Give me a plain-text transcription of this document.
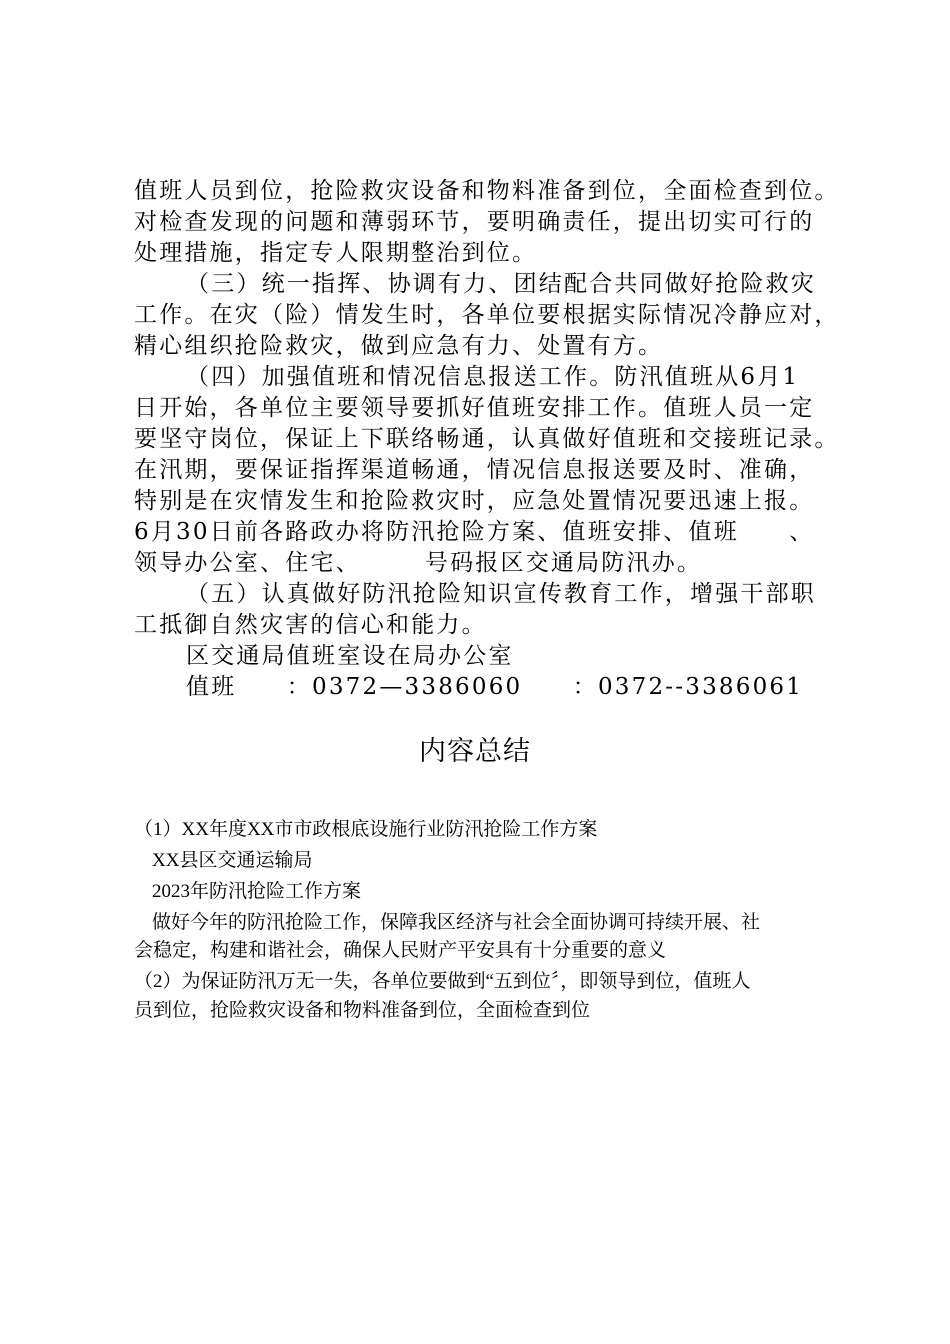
值班人员到位，抢险救灾设备和物料准备到位，全面检查到位。
对检查发现的问题和薄弱环节，要明确责任，提出切实可行的
处理措施，指定专人限期整治到位。
（三）统一指挥、协调有力、团结配合共同做好抢险救灾
工作。在灾（险）情发生时，各单位要根据实际情况冷静应对，
精心组织抢险救灾，做到应急有力、处置有方。
（四）加强值班和情况信息报送工作。防汛值班从6月1
日开始，各单位主要领导要抓好值班安排工作。值班人员一定
要坚守岗位，保证上下联络畅通，认真做好值班和交接班记录。
在汛期，要保证指挥渠道畅通，情况信息报送要及时、准确，
特别是在灾情发生和抢险救灾时，应急处置情况要迅速上报。
6月30日前各路政办将防汛抢险方案、值班安排、值班　　、
领导办公室、住宅、　　　号码报区交通局防汛办。
（五）认真做好防汛抢险知识宣传教育工作，增强干部职
工抵御自然灾害的信心和能力。
区交通局值班室设在局办公室
值班　　：0372—3386060　　：0372--3386061
内容总结
（1）XX年度XX市市政根底设施行业防汛抢险工作方案
XX县区交通运输局
2023年防汛抢险工作方案
做好今年的防汛抢险工作，保障我区经济与社会全面协调可持续开展、社
会稳定，构建和谐社会，确保人民财产平安具有十分重要的意义
（2）为保证防汛万无一失，各单位要做到“五到位〞，即领导到位，值班人
员到位，抢险救灾设备和物料准备到位，全面检查到位
